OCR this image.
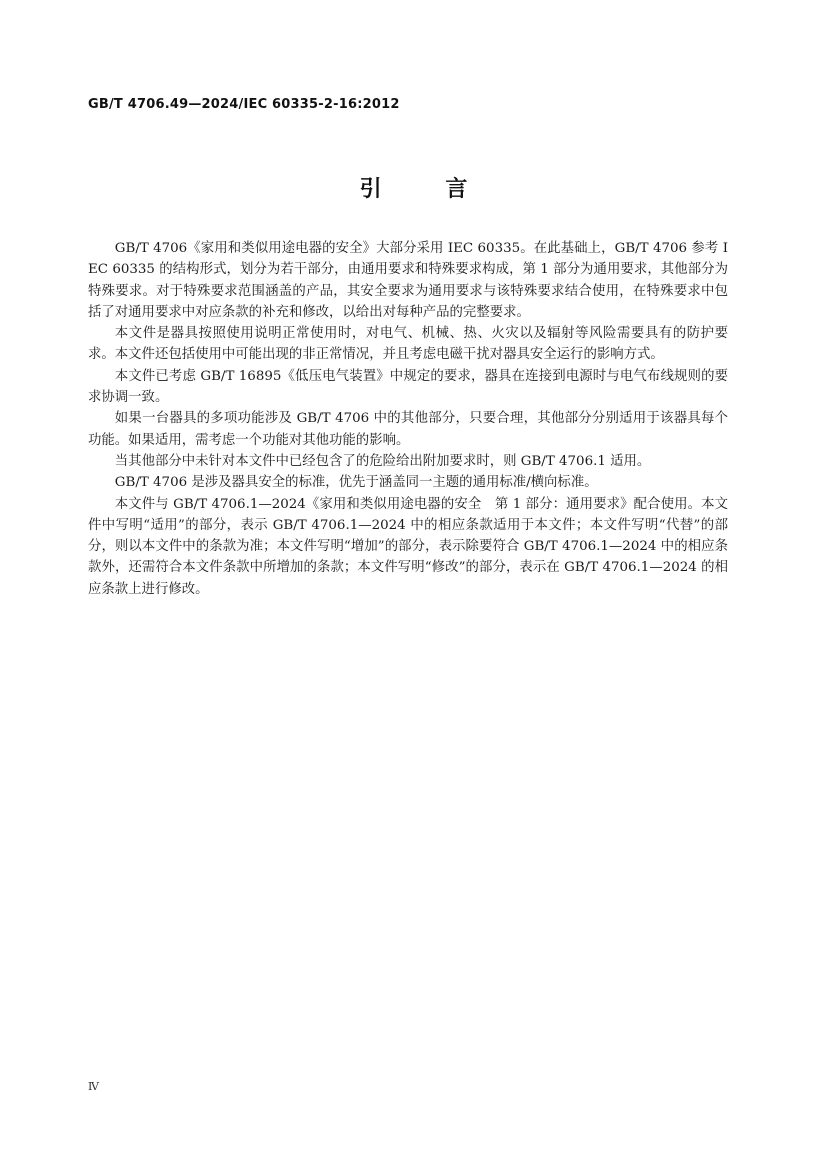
GB/T 4706.49—2024/IEC 60335-2-16:2012
引 言

GB/T 4706《家用和类似用途电器的安全》大部分采用 IEC 60335。在此基础上，GB/T 4706 参考 IEC 60335 的结构形式，划分为若干部分，由通用要求和特殊要求构成，第 1 部分为通用要求，其他部分为特殊要求。对于特殊要求范围涵盖的产品，其安全要求为通用要求与该特殊要求结合使用，在特殊要求中包括了对通用要求中对应条款的补充和修改，以给出对每种产品的完整要求。

本文件是器具按照使用说明正常使用时，对电气、机械、热、火灾以及辐射等风险需要具有的防护要求。本文件还包括使用中可能出现的非正常情况，并且考虑电磁干扰对器具安全运行的影响方式。

本文件已考虑 GB/T 16895《低压电气装置》中规定的要求，器具在连接到电源时与电气布线规则的要求协调一致。

如果一台器具的多项功能涉及 GB/T 4706 中的其他部分，只要合理，其他部分分别适用于该器具每个功能。如果适用，需考虑一个功能对其他功能的影响。

当其他部分中未针对本文件中已经包含了的危险给出附加要求时，则 GB/T 4706.1 适用。

GB/T 4706 是涉及器具安全的标准，优先于涵盖同一主题的通用标准/横向标准。

本文件与 GB/T 4706.1—2024《家用和类似用途电器的安全　第 1 部分：通用要求》配合使用。本文件中写明“适用”的部分，表示 GB/T 4706.1—2024 中的相应条款适用于本文件；本文件写明“代替”的部分，则以本文件中的条款为准；本文件写明“增加”的部分，表示除要符合 GB/T 4706.1—2024 中的相应条款外，还需符合本文件条款中所增加的条款；本文件写明“修改”的部分，表示在 GB/T 4706.1—2024 的相应条款上进行修改。

Ⅳ
